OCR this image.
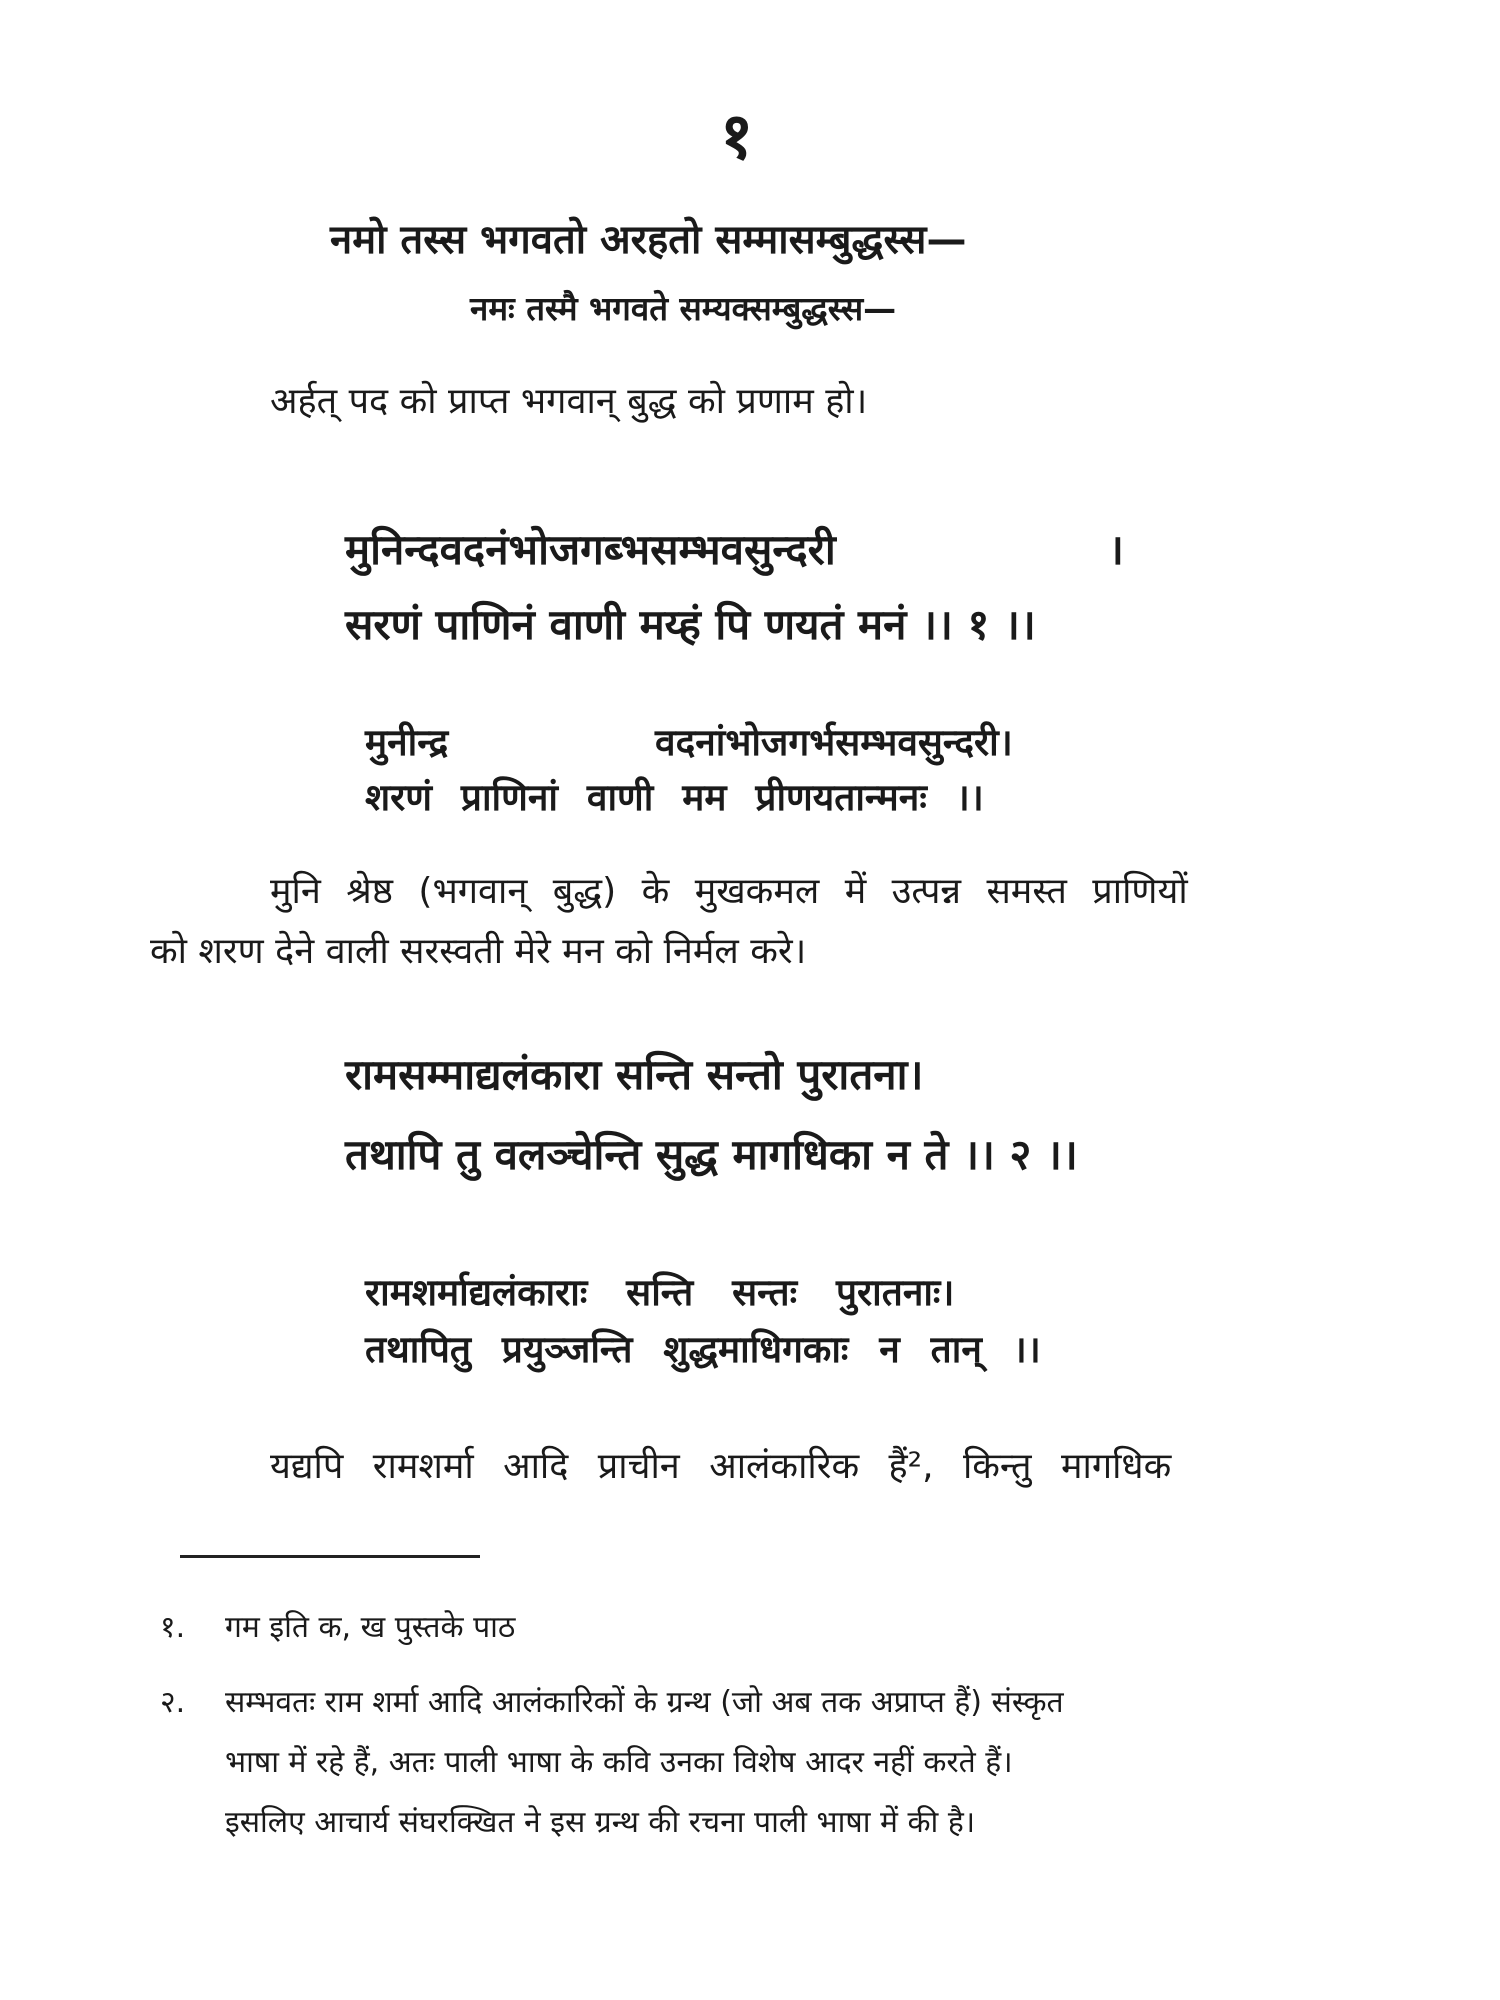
१
नमो तस्स भगवतो अरहतो सम्मासम्बुद्धस्स—
नमः तस्मै भगवते सम्यक्सम्बुद्धस्स—
अर्हत् पद को प्राप्त भगवान् बुद्ध को प्रणाम हो।
मुनिन्दवदनंभोजगब्भसम्भवसुन्दरी	।
सरणं पाणिनं वाणी मय्हं पि णयतं मनं ।। १ ।।
मुनीन्द्र	वदनांभोजगर्भसम्भवसुन्दरी।
शरणं प्राणिनां वाणी मम प्रीणयतान्मनः ।।
मुनि श्रेष्ठ (भगवान् बुद्ध) के मुखकमल में उत्पन्न समस्त प्राणियों
को शरण देने वाली सरस्वती मेरे मन को निर्मल करे।
रामसम्माद्यलंकारा सन्ति सन्तो पुरातना।
तथापि तु वलञ्चेन्ति सुद्ध मागधिका न ते ।। २ ।।
रामशर्माद्यलंकाराः सन्ति सन्तः पुरातनाः।
तथापितु प्रयुञ्जन्ति शुद्धमाधिगकाः न तान् ।।
यद्यपि रामशर्मा आदि प्राचीन आलंकारिक हैं², किन्तु मागधिक
१. गम इति क, ख पुस्तके पाठ
२. सम्भवतः राम शर्मा आदि आलंकारिकों के ग्रन्थ (जो अब तक अप्राप्त हैं) संस्कृत
भाषा में रहे हैं, अतः पाली भाषा के कवि उनका विशेष आदर नहीं करते हैं।
इसलिए आचार्य संघरक्खित ने इस ग्रन्थ की रचना पाली भाषा में की है।
